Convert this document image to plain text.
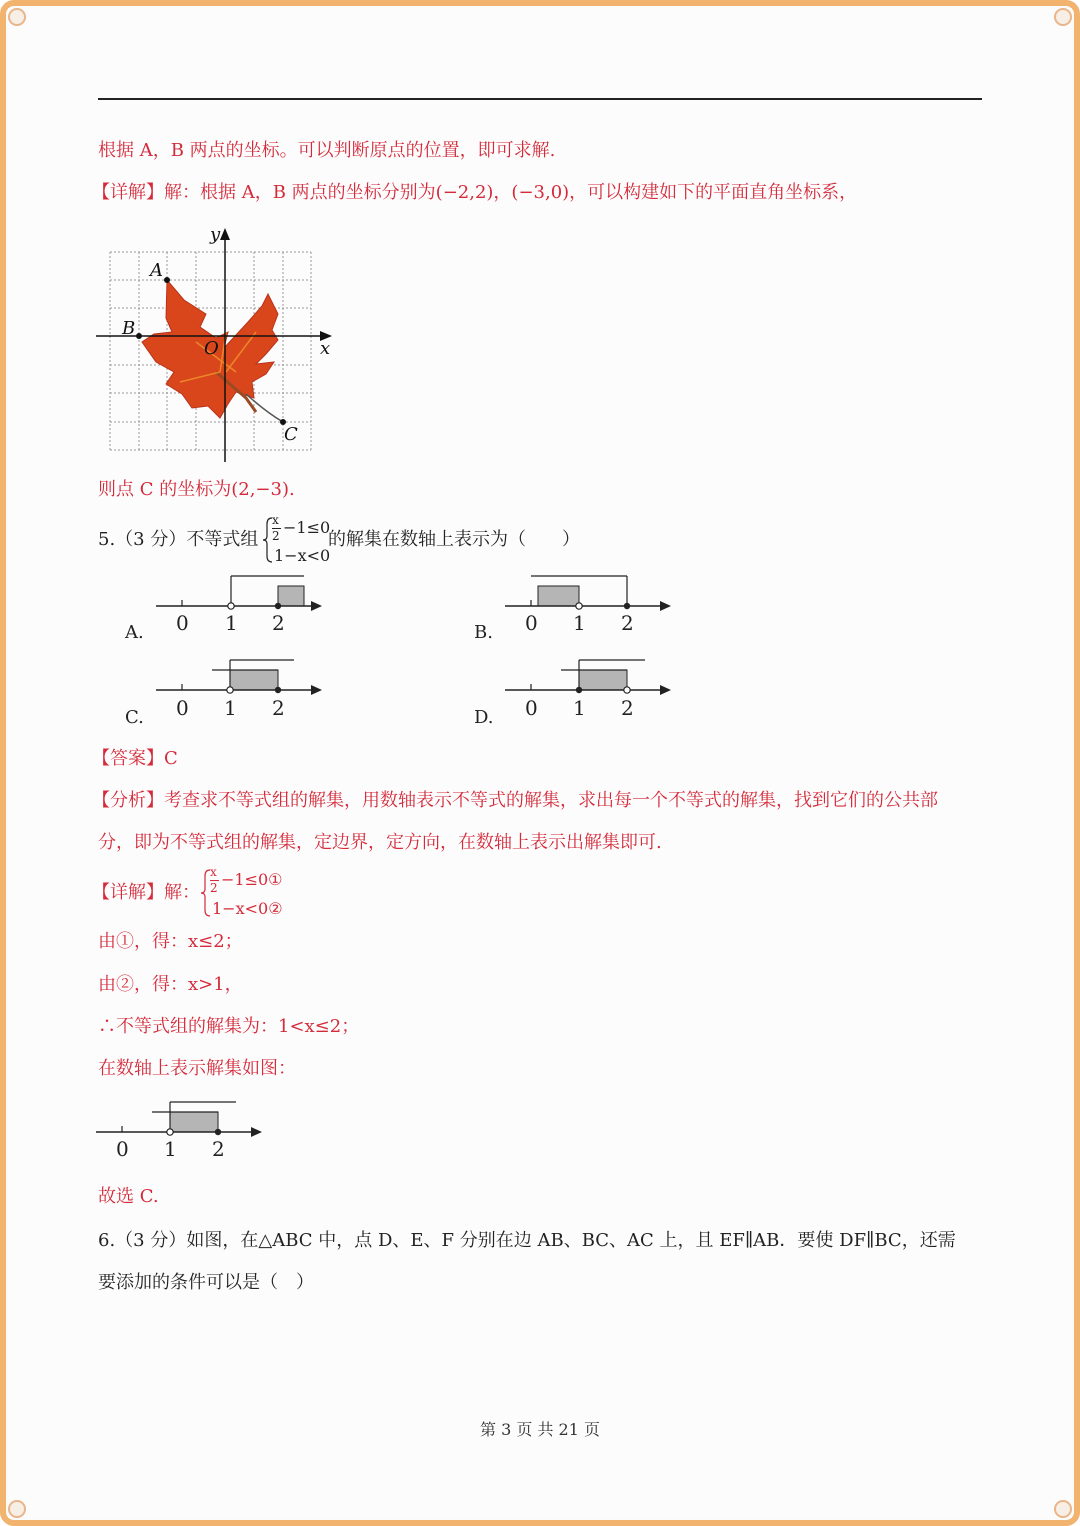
根据 A，B 两点的坐标。可以判断原点的位置，即可求解.
【详解】解：根据 A，B 两点的坐标分别为(−2,2)，(−3,0)，可以构建如下的平面直角坐标系，
y
x
A
B
O
C
则点 C 的坐标为(2,−3).
5.（3 分）不等式组
x
2 −1≤0
1−x<0
的解集在数轴上表示为（　　）
A. 0 1 2	B. 0 1 2
C. 0 1 2	D. 0 1 2
【答案】C
【分析】考查求不等式组的解集，用数轴表示不等式的解集，求出每一个不等式的解集，找到它们的公共部
分，即为不等式组的解集，定边界，定方向，在数轴上表示出解集即可.
【详解】解：
x
2 −1≤0①
1−x<0②
由①，得：x≤2；
由②，得：x>1，
∴不等式组的解集为：1<x≤2；
在数轴上表示解集如图：
0 1 2
故选 C.
6.（3 分）如图，在△ABC 中，点 D、E、F 分别在边 AB、BC、AC 上，且 EF∥AB．要使 DF∥BC，还需
要添加的条件可以是（　）
第 3 页 共 21 页
